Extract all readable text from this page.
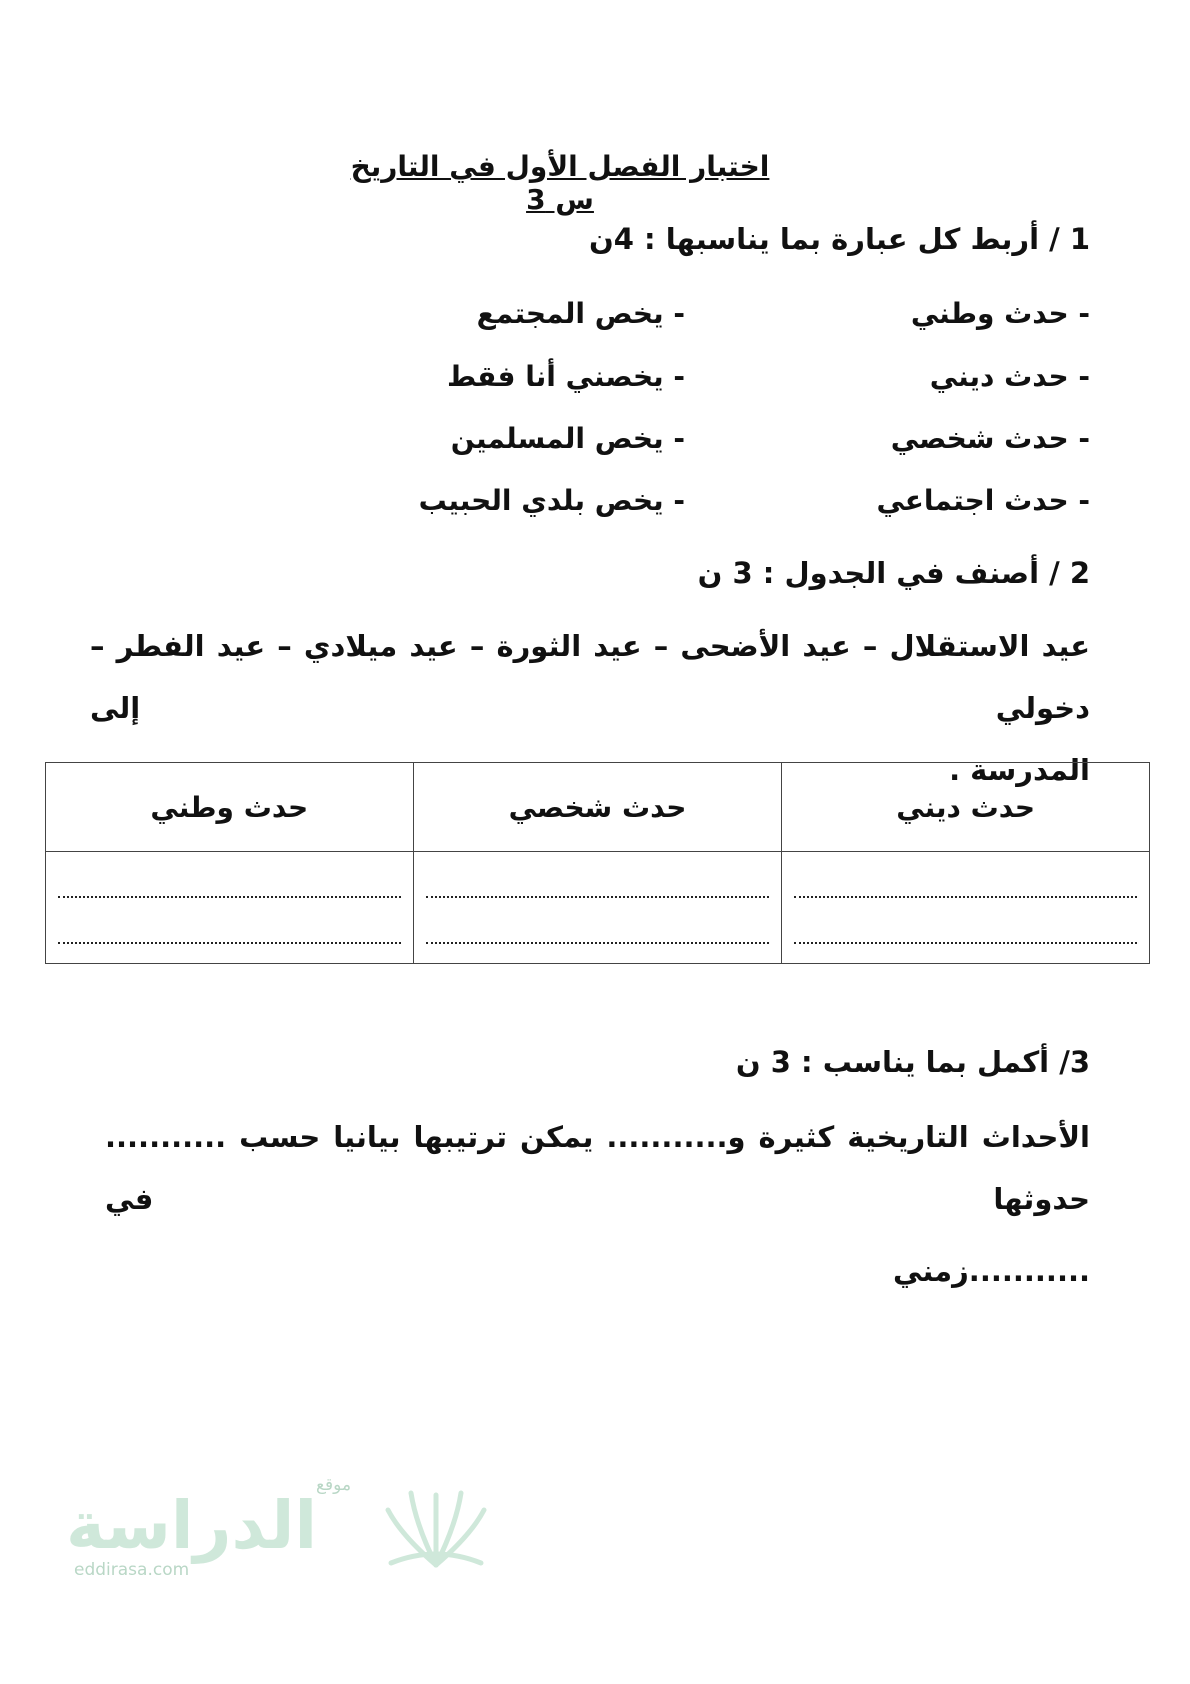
اختبار الفصل الأول في التاريخ س 3
1 / أربط كل عبارة بما يناسبها : 4ن
- حدث وطني
- حدث ديني
- حدث شخصي
- حدث اجتماعي
- يخص المجتمع
- يخصني أنا فقط
- يخص المسلمين
- يخص بلدي الحبيب
2 / أصنف في الجدول : 3 ن
عيد الاستقلال – عيد الأضحى – عيد الثورة – عيد ميلادي – عيد الفطر – دخولي إلى
المدرسة .
حدث ديني	حدث شخصي	حدث وطني

3/ أكمل بما يناسب : 3 ن
الأحداث التاريخية كثيرة و........... يمكن ترتيبها بيانيا حسب ........... حدوثها في
...........زمني
موقع
الدراسة
eddirasa.com
